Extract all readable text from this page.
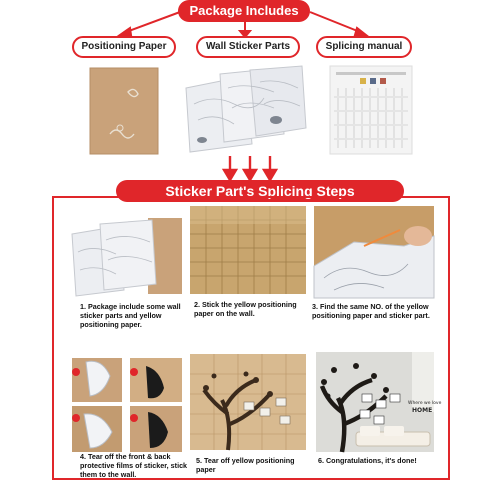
Package Includes
Positioning Paper	Wall Sticker Parts	Splicing manual
Sticker Part's Splicing Steps
1. Package include some wall sticker parts and yellow positioning paper.
2. Stick the yellow positioning paper on the wall.
3. Find the same NO. of the yellow positioning paper and sticker part.
Where we love
HOME
4. Tear off the front & back protective films of sticker, stick them to the wall.
5. Tear off yellow positioning paper
6. Congratulations, it's done!
